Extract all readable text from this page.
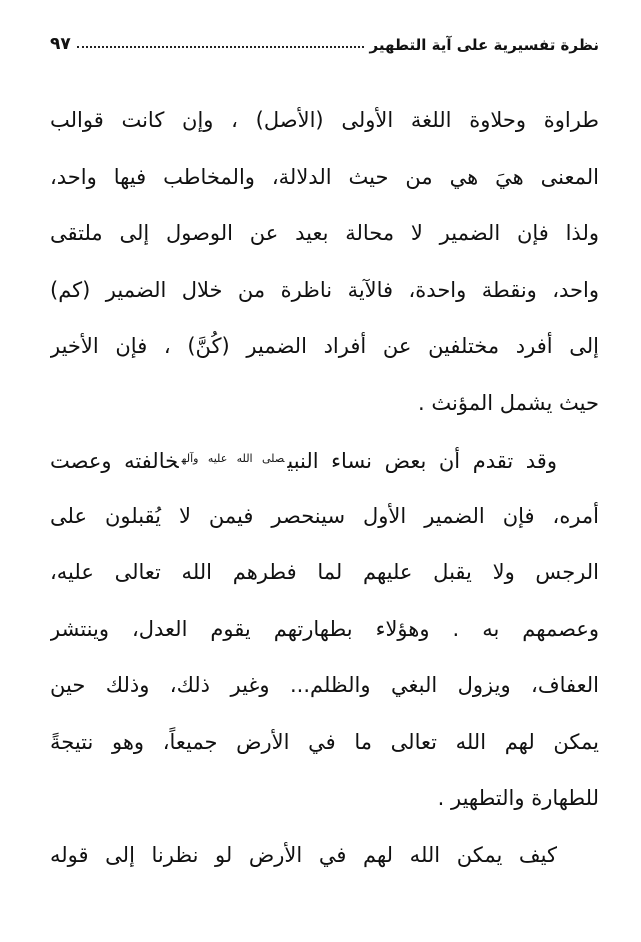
نظرة تفسيرية على آية التطهير
٩٧
طراوة وحلاوة اللغة الأولى (الأصل) ، وإن كانت قوالب
المعنى هيَ هي من حيث الدلالة، والمخاطب فيها واحد،
ولذا فإن الضمير لا محالة بعيد عن الوصول إلى ملتقى
واحد، ونقطة واحدة، فالآية ناظرة من خلال الضمير (كم)
إلى أفرد مختلفين عن أفراد الضمير (كُنَّ) ، فإن الأخير
حيث يشمل المؤنث .
وقد تقدم أن بعض نساء النبي$^{صلى الله عليه وآله}$خالفته وعصت
أمره، فإن الضمير الأول سينحصر فيمن لا يُقبلون على
الرجس ولا يقبل عليهم لما فطرهم الله تعالى عليه،
وعصمهم به . وهؤلاء بطهارتهم يقوم العدل، وينتشر
العفاف، ويزول البغي والظلم... وغير ذلك، وذلك حين
يمكن لهم الله تعالى ما في الأرض جميعاً، وهو نتيجةً
للطهارة والتطهير .
كيف يمكن الله لهم في الأرض لو نظرنا إلى قوله
